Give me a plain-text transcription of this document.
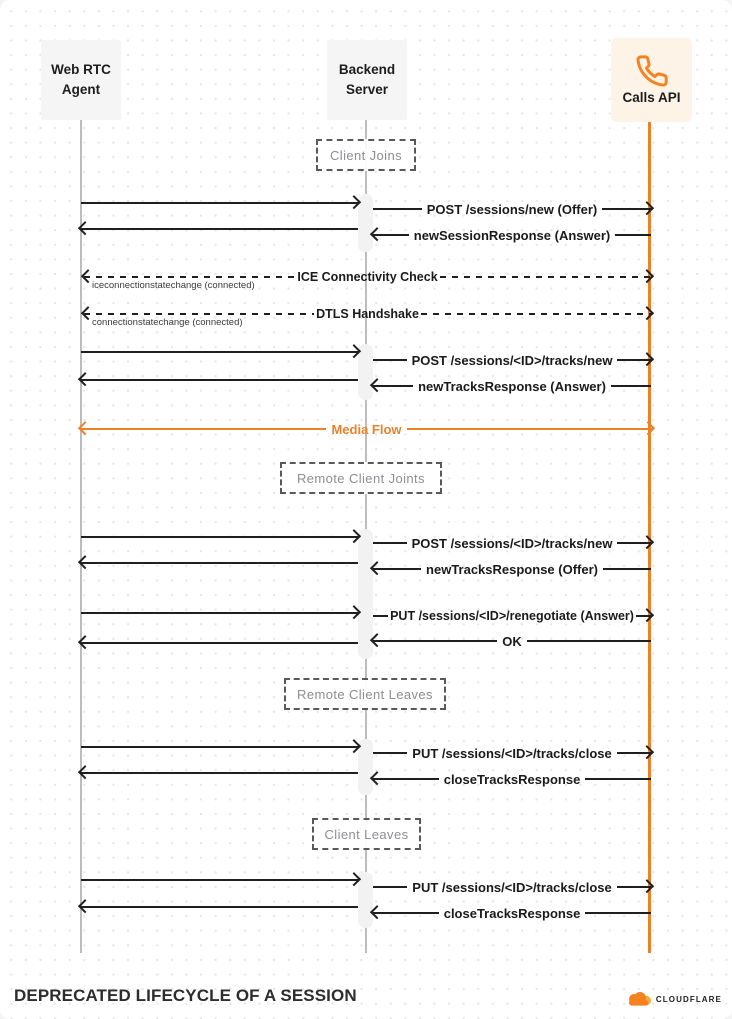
Web RTC Agent
Backend Server
Calls API
Client Joins
Remote Client Joints
Remote Client Leaves
Client Leaves
POST /sessions/new (Offer)
newSessionResponse (Answer)
ICE Connectivity Check
iceconnectionstatechange (connected)
DTLS Handshake
connectionstatechange (connected)
POST /sessions/<ID>/tracks/new
newTracksResponse (Answer)
Media Flow
POST /sessions/<ID>/tracks/new
newTracksResponse (Offer)
PUT /sessions/<ID>/renegotiate (Answer)
OK
PUT /sessions/<ID>/tracks/close
closeTracksResponse
PUT /sessions/<ID>/tracks/close
closeTracksResponse
DEPRECATED LIFECYCLE OF A SESSION	CLOUDFLARE
